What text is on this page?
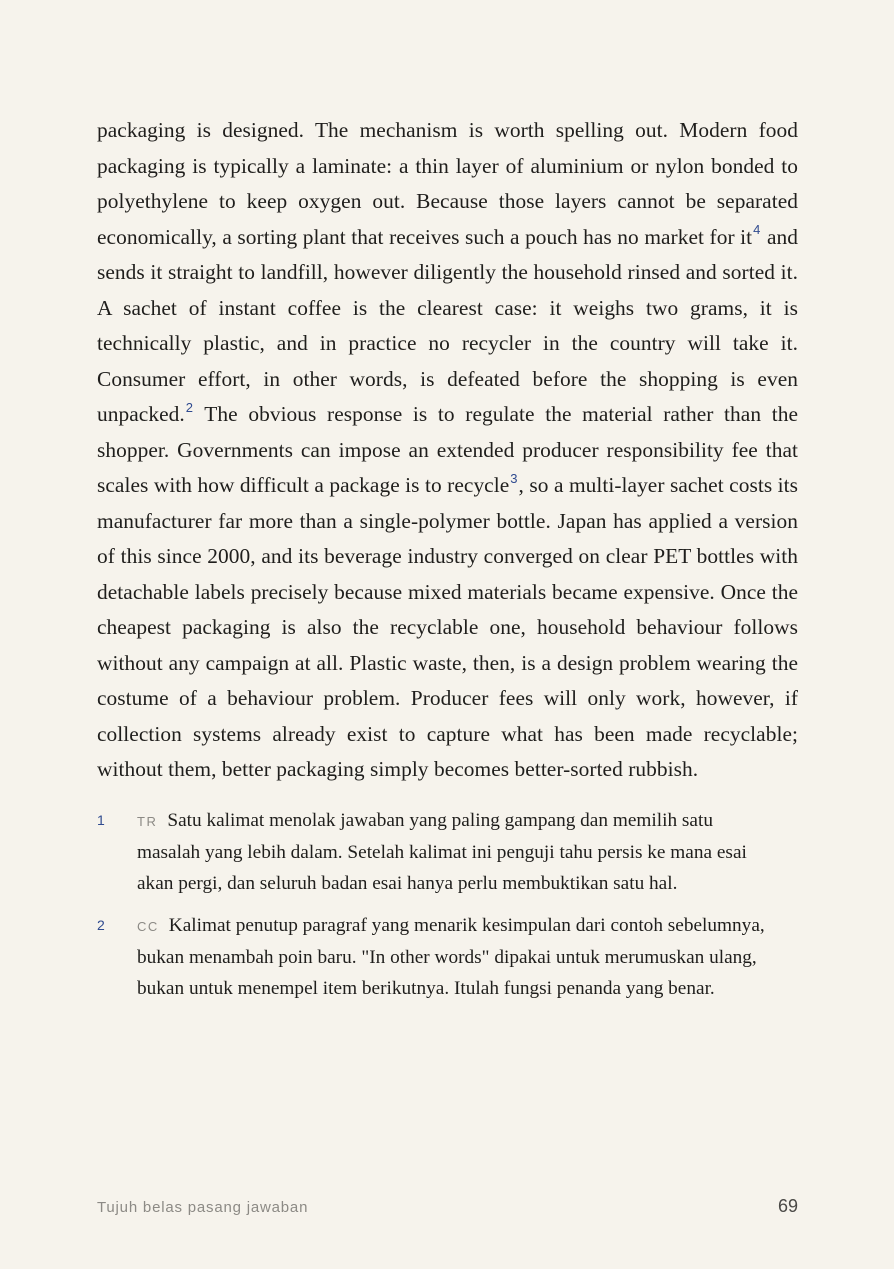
packaging is designed. The mechanism is worth spelling out. Modern food packaging is typically a laminate: a thin layer of aluminium or nylon bonded to polyethylene to keep oxygen out. Because those layers cannot be separated economically, a sorting plant that receives such a pouch has no market for it$^4$ and sends it straight to landfill, however diligently the household rinsed and sorted it. A sachet of instant coffee is the clearest case: it weighs two grams, it is technically plastic, and in practice no recycler in the country will take it. Consumer effort, in other words, is defeated before the shopping is even unpacked.$^2$ The obvious response is to regulate the material rather than the shopper. Governments can impose an extended producer responsibility fee that scales with how difficult a package is to recycle$^3$, so a multi-layer sachet costs its manufacturer far more than a single-polymer bottle. Japan has applied a version of this since 2000, and its beverage industry converged on clear PET bottles with detachable labels precisely because mixed materials became expensive. Once the cheapest packaging is also the recyclable one, household behaviour follows without any campaign at all. Plastic waste, then, is a design problem wearing the costume of a behaviour problem. Producer fees will only work, however, if collection systems already exist to capture what has been made recyclable; without them, better packaging simply becomes better-sorted rubbish.

1	TR Satu kalimat menolak jawaban yang paling gampang dan memilih satu masalah yang lebih dalam. Setelah kalimat ini penguji tahu persis ke mana esai akan pergi, dan seluruh badan esai hanya perlu membuktikan satu hal.
2	CC Kalimat penutup paragraf yang menarik kesimpulan dari contoh sebelumnya, bukan menambah poin baru. "In other words" dipakai untuk merumuskan ulang, bukan untuk menempel item berikutnya. Itulah fungsi penanda yang benar.
Tujuh belas pasang jawaban	69
